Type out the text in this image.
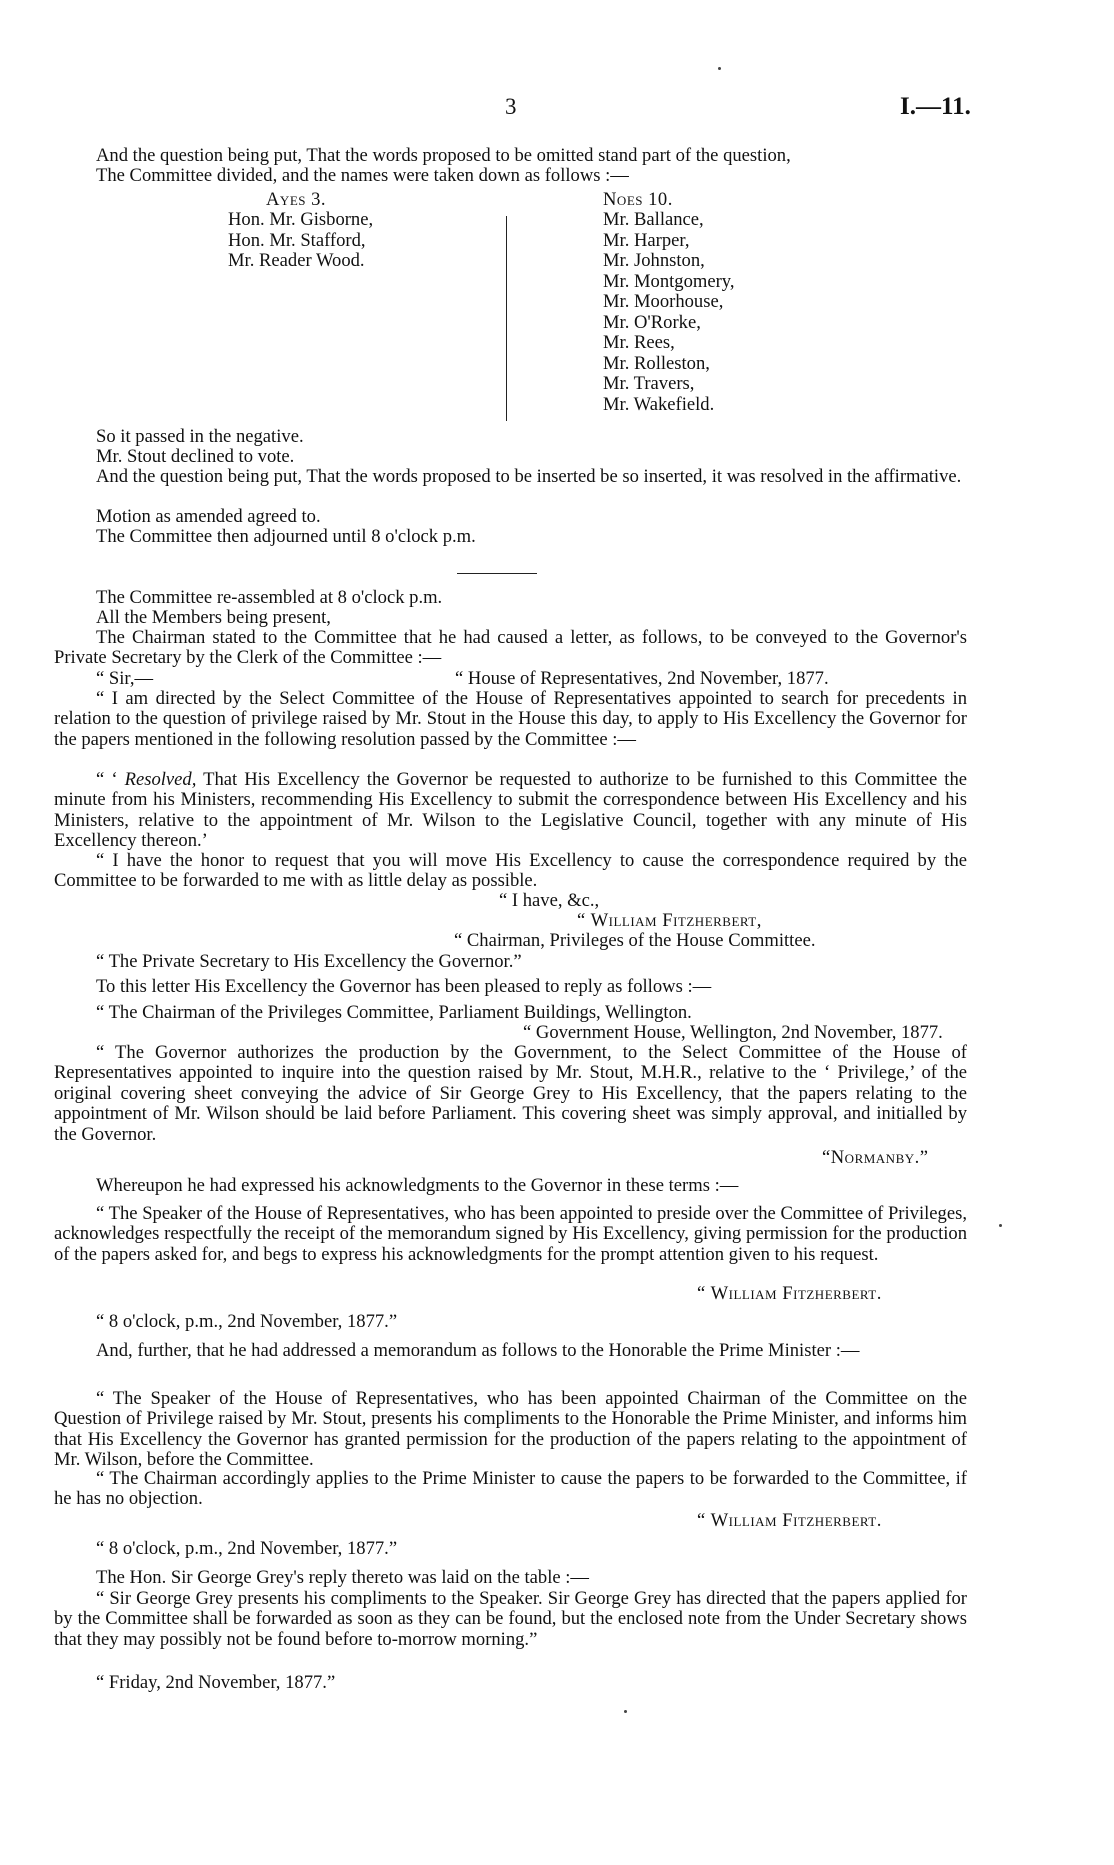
3	I.—11.

And the question being put, That the words proposed to be omitted stand part of the question,

The Committee divided, and the names were taken down as follows :—

Ayes 3.
Hon. Mr. Gisborne,
Hon. Mr. Stafford,
Mr. Reader Wood.
Noes 10.
Mr. Ballance,
Mr. Harper,
Mr. Johnston,
Mr. Montgomery,
Mr. Moorhouse,
Mr. O'Rorke,
Mr. Rees,
Mr. Rolleston,
Mr. Travers,
Mr. Wakefield.

So it passed in the negative.

Mr. Stout declined to vote.

And the question being put, That the words proposed to be inserted be so inserted, it was resolved in the affirmative.

Motion as amended agreed to.

The Committee then adjourned until 8 o'clock p.m.

The Committee re-assembled at 8 o'clock p.m.

All the Members being present,

The Chairman stated to the Committee that he had caused a letter, as follows, to be conveyed to the Governor's Private Secretary by the Clerk of the Committee :—

“ Sir,—	“ House of Representatives, 2nd November, 1877.

“ I am directed by the Select Committee of the House of Representatives appointed to search for precedents in relation to the question of privilege raised by Mr. Stout in the House this day, to apply to His Excellency the Governor for the papers mentioned in the following resolution passed by the Committee :—

“ ‘ Resolved, That His Excellency the Governor be requested to authorize to be furnished to this Committee the minute from his Ministers, recommending His Excellency to submit the correspondence between His Excellency and his Ministers, relative to the appointment of Mr. Wilson to the Legislative Council, together with any minute of His Excellency thereon.’

“ I have the honor to request that you will move His Excellency to cause the correspondence required by the Committee to be forwarded to me with as little delay as possible.

“ I have, &c.,
“ William Fitzherbert,
“ Chairman, Privileges of the House Committee.
“ The Private Secretary to His Excellency the Governor.”

To this letter His Excellency the Governor has been pleased to reply as follows :—

“ The Chairman of the Privileges Committee, Parliament Buildings, Wellington.
“ Government House, Wellington, 2nd November, 1877.

“ The Governor authorizes the production by the Government, to the Select Committee of the House of Representatives appointed to inquire into the question raised by Mr. Stout, M.H.R., relative to the ‘ Privilege,’ of the original covering sheet conveying the advice of Sir George Grey to His Excellency, that the papers relating to the appointment of Mr. Wilson should be laid before Parliament. This covering sheet was simply approval, and initialled by the Governor.

“Normanby.”

Whereupon he had expressed his acknowledgments to the Governor in these terms :—

“ The Speaker of the House of Representatives, who has been appointed to preside over the Committee of Privileges, acknowledges respectfully the receipt of the memorandum signed by His Excellency, giving permission for the production of the papers asked for, and begs to express his acknowledgments for the prompt attention given to his request.

“ William Fitzherbert.
“ 8 o'clock, p.m., 2nd November, 1877.”

And, further, that he had addressed a memorandum as follows to the Honorable the Prime Minister :—

“ The Speaker of the House of Representatives, who has been appointed Chairman of the Committee on the Question of Privilege raised by Mr. Stout, presents his compliments to the Honorable the Prime Minister, and informs him that His Excellency the Governor has granted permission for the production of the papers relating to the appointment of Mr. Wilson, before the Committee.

“ The Chairman accordingly applies to the Prime Minister to cause the papers to be forwarded to the Committee, if he has no objection.

“ William Fitzherbert.
“ 8 o'clock, p.m., 2nd November, 1877.”

The Hon. Sir George Grey's reply thereto was laid on the table :—

“ Sir George Grey presents his compliments to the Speaker. Sir George Grey has directed that the papers applied for by the Committee shall be forwarded as soon as they can be found, but the enclosed note from the Under Secretary shows that they may possibly not be found before to-morrow morning.”

“ Friday, 2nd November, 1877.”
